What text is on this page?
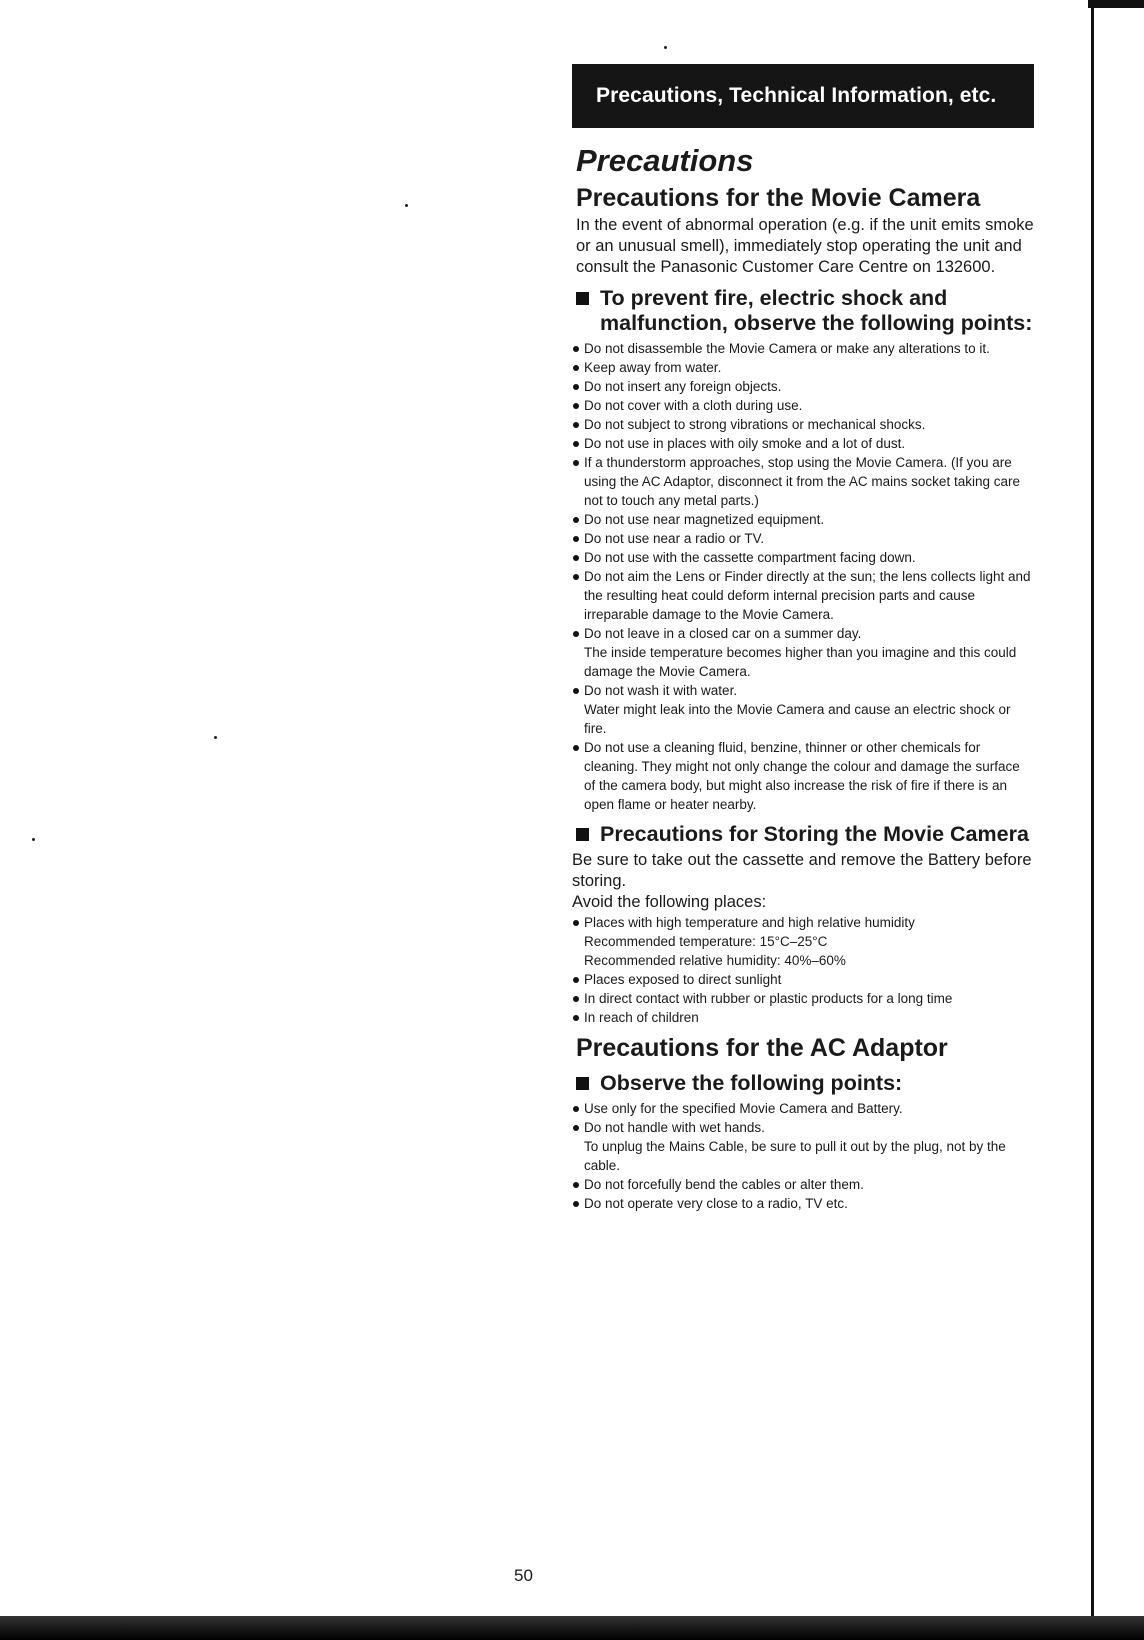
Precautions, Technical Information, etc.
Precautions
Precautions for the Movie Camera
In the event of abnormal operation (e.g. if the unit emits smoke or an unusual smell), immediately stop operating the unit and consult the Panasonic Customer Care Centre on 132600.
To prevent fire, electric shock and malfunction, observe the following points:
Do not disassemble the Movie Camera or make any alterations to it.
Keep away from water.
Do not insert any foreign objects.
Do not cover with a cloth during use.
Do not subject to strong vibrations or mechanical shocks.
Do not use in places with oily smoke and a lot of dust.
If a thunderstorm approaches, stop using the Movie Camera. (If you are using the AC Adaptor, disconnect it from the AC mains socket taking care not to touch any metal parts.)
Do not use near magnetized equipment.
Do not use near a radio or TV.
Do not use with the cassette compartment facing down.
Do not aim the Lens or Finder directly at the sun; the lens collects light and the resulting heat could deform internal precision parts and cause irreparable damage to the Movie Camera.
Do not leave in a closed car on a summer day.
The inside temperature becomes higher than you imagine and this could damage the Movie Camera.
Do not wash it with water.
Water might leak into the Movie Camera and cause an electric shock or fire.
Do not use a cleaning fluid, benzine, thinner or other chemicals for cleaning. They might not only change the colour and damage the surface of the camera body, but might also increase the risk of fire if there is an open flame or heater nearby.
Precautions for Storing the Movie Camera
Be sure to take out the cassette and remove the Battery before storing.
Avoid the following places:
Places with high temperature and high relative humidity
Recommended temperature: 15°C–25°C
Recommended relative humidity: 40%–60%
Places exposed to direct sunlight
In direct contact with rubber or plastic products for a long time
In reach of children
Precautions for the AC Adaptor
Observe the following points:
Use only for the specified Movie Camera and Battery.
Do not handle with wet hands.
To unplug the Mains Cable, be sure to pull it out by the plug, not by the cable.
Do not forcefully bend the cables or alter them.
Do not operate very close to a radio, TV etc.
50
